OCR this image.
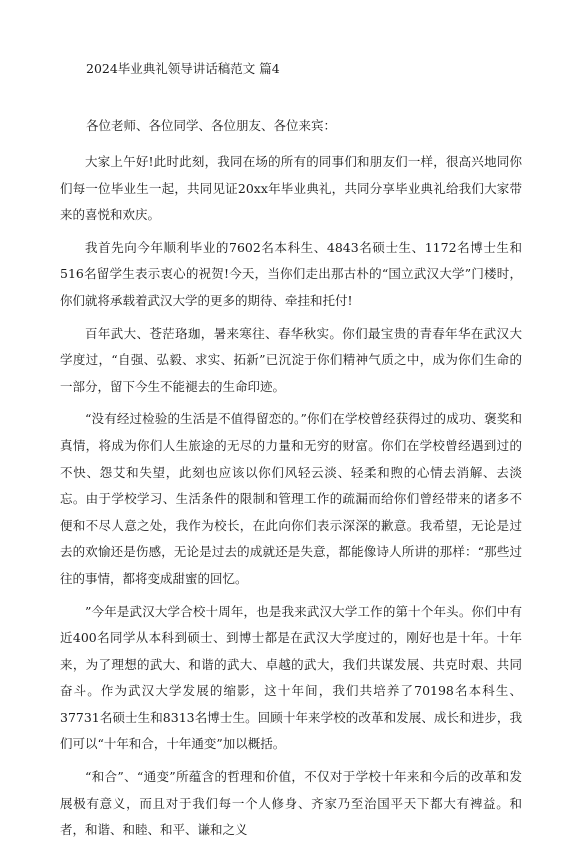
2024毕业典礼领导讲话稿范文 篇4
各位老师、各位同学、各位朋友、各位来宾：

大家上午好!此时此刻，我同在场的所有的同事们和朋友们一样，很高兴地同你们每一位毕业生一起，共同见证20xx年毕业典礼，共同分享毕业典礼给我们大家带来的喜悦和欢庆。

我首先向今年顺利毕业的7602名本科生、4843名硕士生、1172名博士生和516名留学生表示衷心的祝贺!今天，当你们走出那古朴的“国立武汉大学”门楼时，你们就将承载着武汉大学的更多的期待、牵挂和托付!

百年武大、苍茫珞珈，暑来寒往、春华秋实。你们最宝贵的青春年华在武汉大学度过，“自强、弘毅、求实、拓新”已沉淀于你们精神气质之中，成为你们生命的一部分，留下今生不能褪去的生命印迹。

“没有经过检验的生活是不值得留恋的。”你们在学校曾经获得过的成功、褒奖和真情，将成为你们人生旅途的无尽的力量和无穷的财富。你们在学校曾经遇到过的不快、怨艾和失望，此刻也应该以你们风轻云淡、轻柔和煦的心情去消解、去淡忘。由于学校学习、生活条件的限制和管理工作的疏漏而给你们曾经带来的诸多不便和不尽人意之处，我作为校长，在此向你们表示深深的歉意。我希望，无论是过去的欢愉还是伤感，无论是过去的成就还是失意，都能像诗人所讲的那样：“那些过往的事情，都将变成甜蜜的回忆。

”今年是武汉大学合校十周年，也是我来武汉大学工作的第十个年头。你们中有近400名同学从本科到硕士、到博士都是在武汉大学度过的，刚好也是十年。十年来，为了理想的武大、和谐的武大、卓越的武大，我们共谋发展、共克时艰、共同奋斗。作为武汉大学发展的缩影，这十年间，我们共培养了70198名本科生、37731名硕士生和8313名博士生。回顾十年来学校的改革和发展、成长和进步，我们可以“十年和合，十年通变”加以概括。

“和合”、“通变”所蕴含的哲理和价值，不仅对于学校十年来和今后的改革和发展极有意义，而且对于我们每一个人修身、齐家乃至治国平天下都大有裨益。和者，和谐、和睦、和平、谦和之义
